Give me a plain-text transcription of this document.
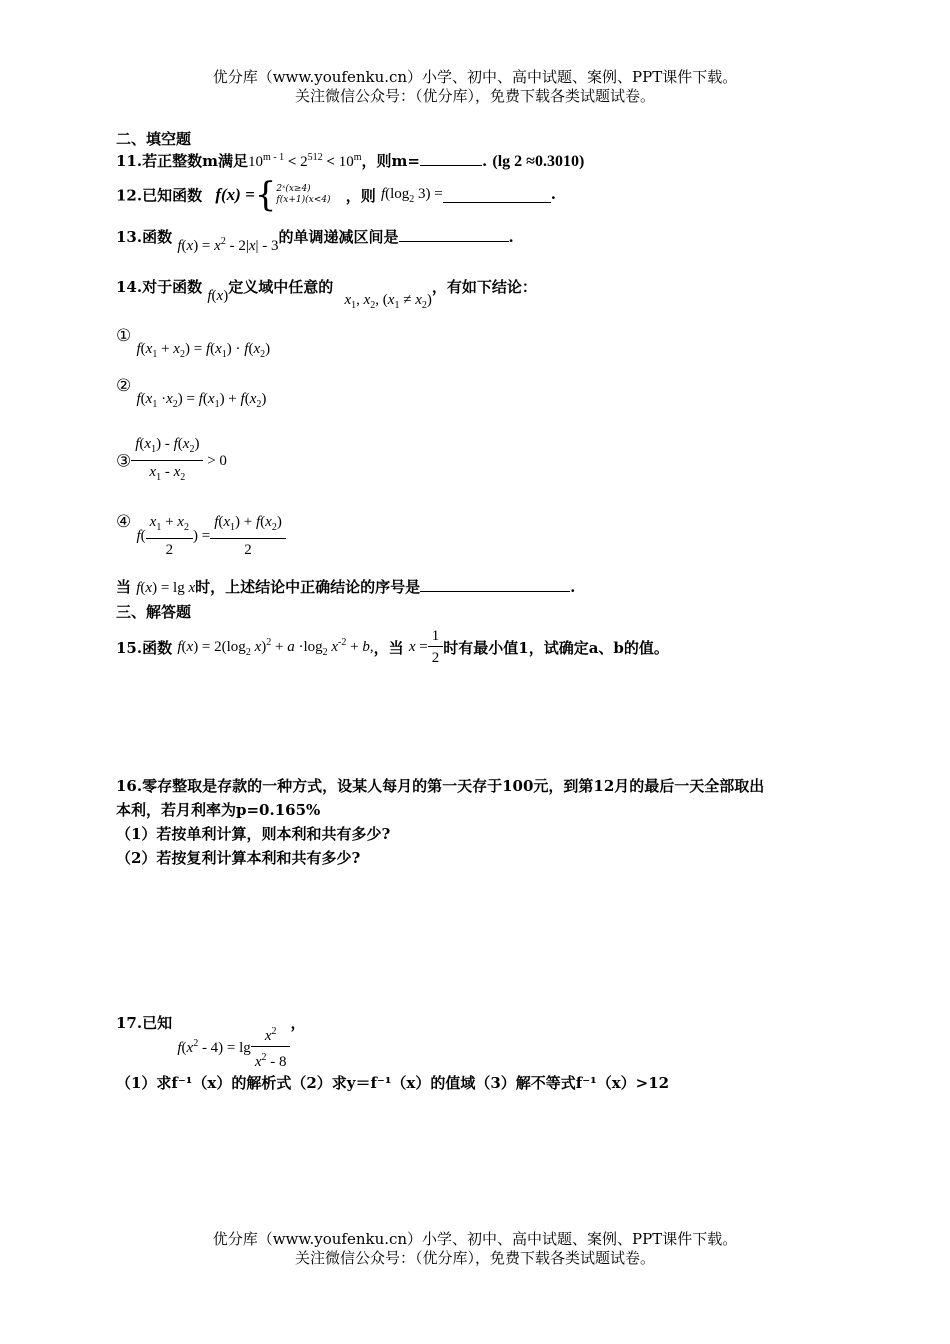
优分库（www.youfenku.cn）小学、初中、高中试题、案例、PPT课件下载。
关注微信公众号：（优分库），免费下载各类试题试卷。
二、填空题
11.若正整数m满足$10^{m - 1} < 2^{512} < 10^m$，则m=	. (lg 2 ≈0.3010)
12.已知函数 f(x) ={ 2ˣ(x≥4)
f(x+1)(x<4) ，则 $f(\log_2$ 3) =	.
13.函数 $f(x) = x^2 - 2|x| - 3$的单调递减区间是	.
14.对于函数 f(x)定义域中任意的 $x_1$, $x_2$, $(x_1 \ne x_2)$，有如下结论：
① $f(x_1 + x_2) = f(x_1) \cdot f(x_2)$
② $f(x_1 \cdot x_2) = f(x_1) + f(x_2)$
③ $\frac{f(x_1) - f(x_2)}{x_1 - x_2} > 0$
④ $f( \frac{x_1 + x_2}{2}$ ) = $\frac{f(x_1) + f(x_2)}{2}$
当 f(x) = lg x时，上述结论中正确结论的序号是	.
三、解答题
15.函数 $f(x) = 2(\log_2$ $x)^2 + a \cdot\log_2$ $x^{-2} + b$,，当 $x = \frac{1}{2}$ 时有最小值1，试确定a、b的值。
16.零存整取是存款的一种方式，设某人每月的第一天存于100元，到第12月的最后一天全部取出
本利，若月利率为p=0.165%
（1）若按单利计算，则本利和共有多少?
（2）若按复利计算本利和共有多少?
17.已知 $f(x^2 - 4) = \lg \frac{x^2}{x^2 - 8}$ ，
（1）求f⁻¹（x）的解析式（2）求y＝f⁻¹（x）的值域（3）解不等式f⁻¹（x）>12
优分库（www.youfenku.cn）小学、初中、高中试题、案例、PPT课件下载。
关注微信公众号：（优分库），免费下载各类试题试卷。
